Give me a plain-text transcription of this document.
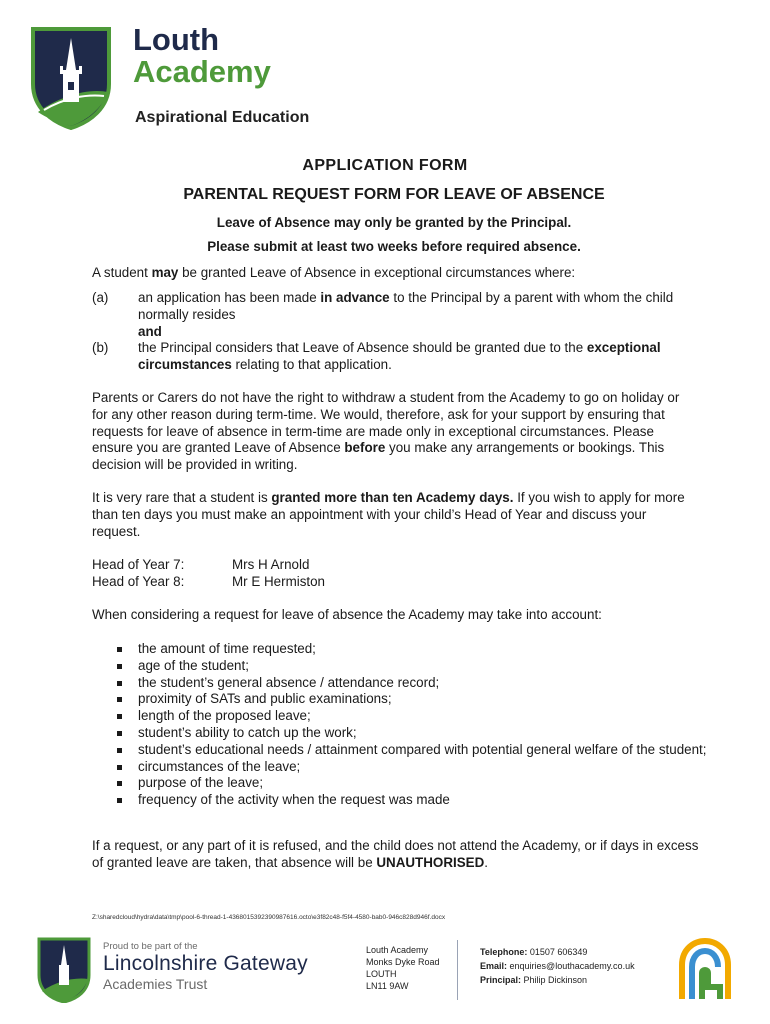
Louth
Academy
Aspirational Education
APPLICATION FORM
PARENTAL REQUEST FORM FOR LEAVE OF ABSENCE
Leave of Absence may only be granted by the Principal.
Please submit at least two weeks before required absence.
A student may be granted Leave of Absence in exceptional circumstances where:
(a) an application has been made in advance to the Principal by a parent with whom the child normally resides
and
(b) the Principal considers that Leave of Absence should be granted due to the exceptional circumstances relating to that application.
Parents or Carers do not have the right to withdraw a student from the Academy to go on holiday or for any other reason during term-time. We would, therefore, ask for your support by ensuring that requests for leave of absence in term-time are made only in exceptional circumstances. Please ensure you are granted Leave of Absence before you make any arrangements or bookings. This decision will be provided in writing.
It is very rare that a student is granted more than ten Academy days. If you wish to apply for more than ten days you must make an appointment with your child’s Head of Year and discuss your request.
Head of Year 7:	Mrs H Arnold
Head of Year 8:	Mr E Hermiston
When considering a request for leave of absence the Academy may take into account:
the amount of time requested;
age of the student;
the student’s general absence / attendance record;
proximity of SATs and public examinations;
length of the proposed leave;
student’s ability to catch up the work;
student’s educational needs / attainment compared with potential general welfare of the student;
circumstances of the leave;
purpose of the leave;
frequency of the activity when the request was made
If a request, or any part of it is refused, and the child does not attend the Academy, or if days in excess of granted leave are taken, that absence will be UNAUTHORISED.
Z:\sharedcloud\hydra\data\tmp\pool-6-thread-1-4368015392390987616.octo\e3f82c48-f5f4-4580-bab0-946c828d946f.docx
Proud to be part of the
Lincolnshire Gateway
Academies Trust
Louth Academy
Monks Dyke Road
LOUTH
LN11 9AW
Telephone: 01507 606349
Email: enquiries@louthacademy.co.uk
Principal: Philip Dickinson
